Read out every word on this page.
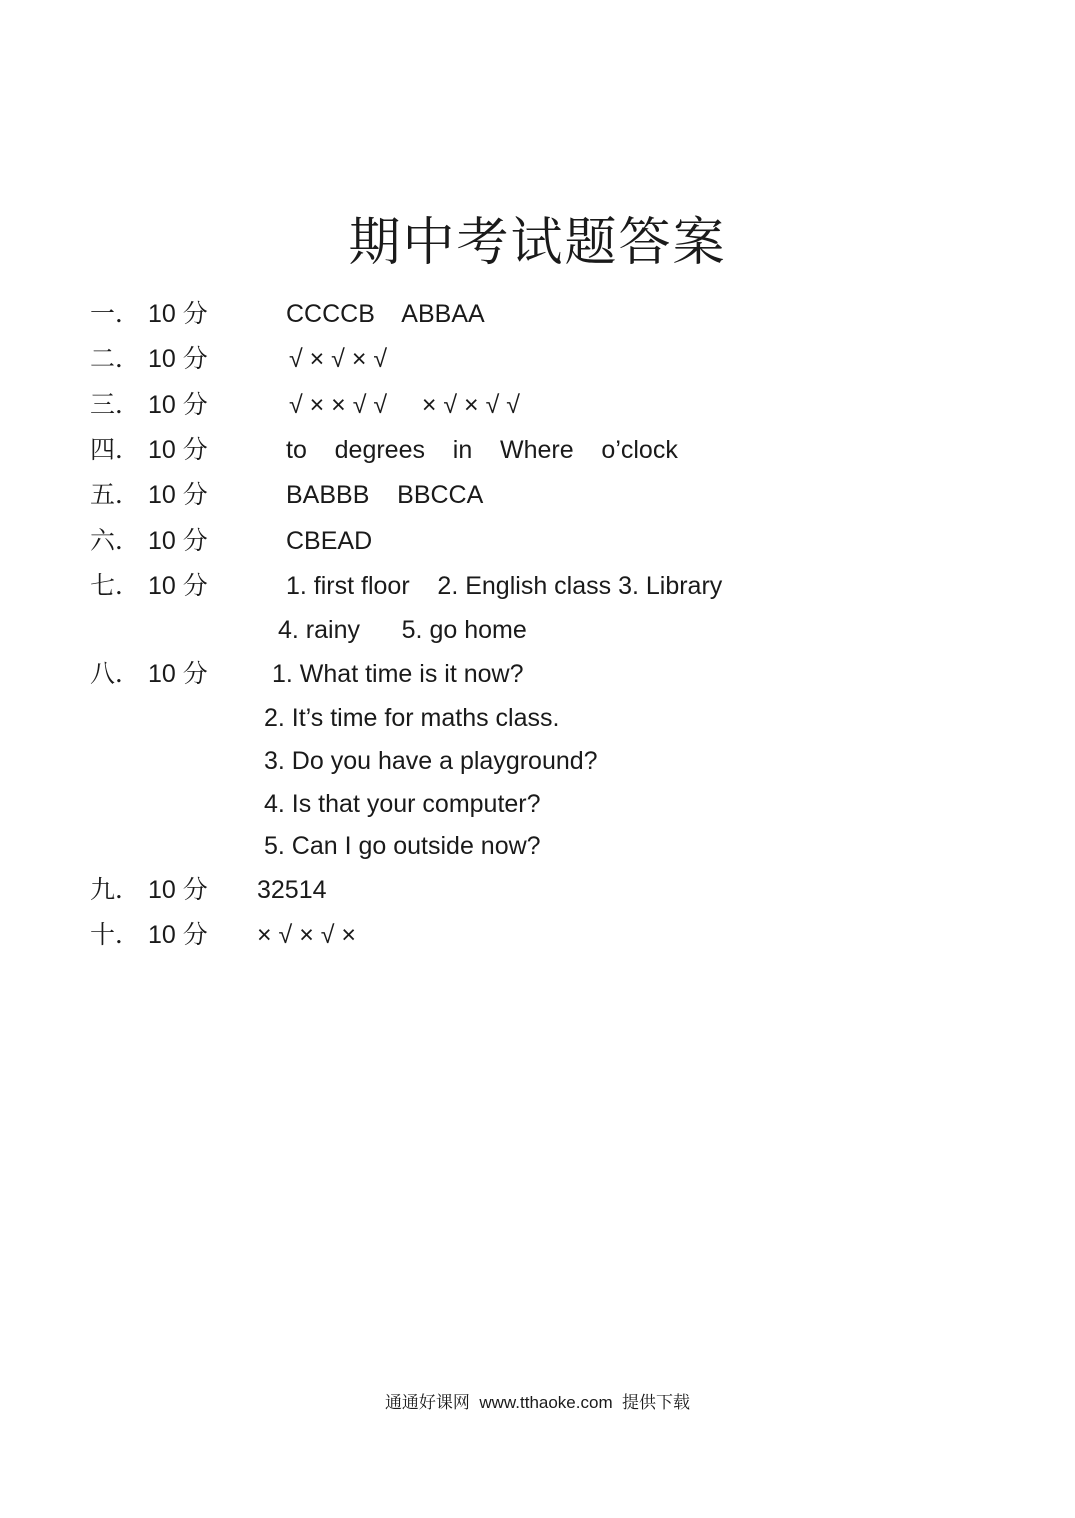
期中考试题答案
一． 10 分	CCCCB    ABBAA
二． 10 分	√ × √ × √
三． 10 分	√ × × √ √     × √ × √ √
四． 10 分	to    degrees    in    Where    o’clock
五． 10 分	BABBB    BBCCA
六． 10 分	CBEAD
七． 10 分	1. first floor    2. English class 3. Library
4. rainy      5. go home
八． 10 分	1. What time is it now?
2. It’s time for maths class.
3. Do you have a playground?
4. Is that your computer?
5. Can I go outside now?
九． 10 分 32514
十． 10 分 × √ × √ ×
通通好课网  www.tthaoke.com  提供下载
